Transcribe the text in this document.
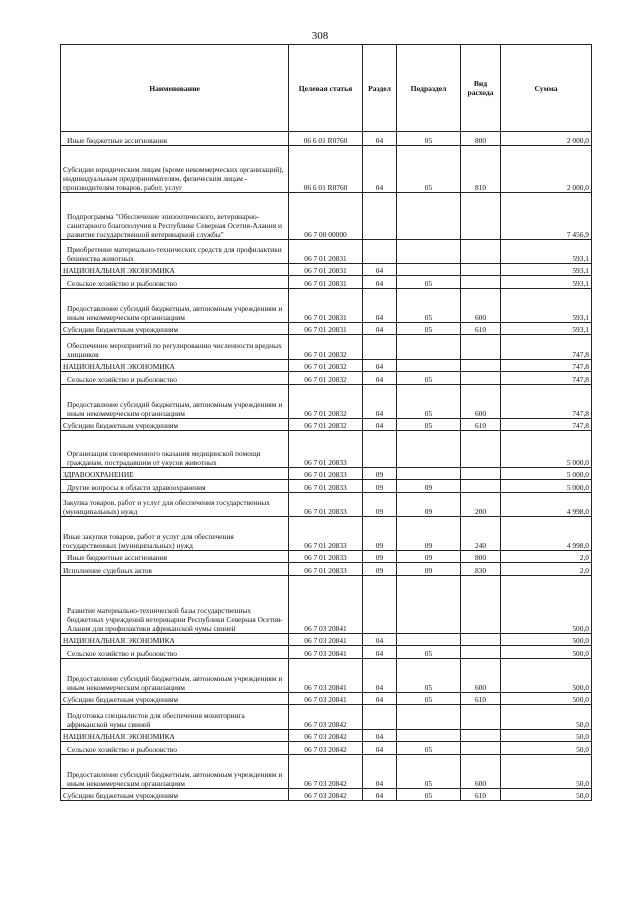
308
Наименование	Целевая статья	Раздел	Подраздел	Вид расхода	Сумма
Иные бюджетные ассигнования	06 6 01 R0760	04	05	800	2 000,0
Субсидии юридическим лицам (кроме некоммерческих организаций), индивидуальным предпринимателям, физическим лицам - производителям товаров, работ, услуг	06 6 01 R0760	04	05	810	2 000,0
Подпрограмма "Обеспечение эпизоотического, ветеринарно-санитарного благополучия в Республике Северная Осетия-Алания и развитие государственной ветеринарной службы"	06 7 00 00000				7 456,9
Приобретение материально-технических средств для профилактики бешенства животных	06 7 01 20831				593,1
НАЦИОНАЛЬНАЯ ЭКОНОМИКА	06 7 01 20831	04			593,1
Сельское хозяйство и рыболовство	06 7 01 20831	04	05		593,1
Предоставление субсидий бюджетным, автономным учреждениям и иным некоммерческим организациям	06 7 01 20831	04	05	600	593,1
Субсидии бюджетным учреждениям	06 7 01 20831	04	05	610	593,1
Обеспечение мероприятий по регулированию численности вредных хищников	06 7 01 20832				747,8
НАЦИОНАЛЬНАЯ ЭКОНОМИКА	06 7 01 20832	04			747,8
Сельское хозяйство и рыболовство	06 7 01 20832	04	05		747,8
Предоставление субсидий бюджетным, автономным учреждениям и иным некоммерческим организациям	06 7 01 20832	04	05	600	747,8
Субсидии бюджетным учреждениям	06 7 01 20832	04	05	610	747,8
Организация своевременного оказания медицинской помощи гражданам, пострадавшим от укусов животных	06 7 01 20833				5 000,0
ЗДРАВООХРАНЕНИЕ	06 7 01 20833	09			5 000,0
Другие вопросы в области здравоохранения	06 7 01 20833	09	09		5 000,0
Закупка товаров, работ и услуг для обеспечения государственных (муниципальных) нужд	06 7 01 20833	09	09	200	4 998,0
Иные закупки товаров, работ и услуг для обеспечения государственных (муниципальных) нужд	06 7 01 20833	09	09	240	4 998,0
Иные бюджетные ассигнования	06 7 01 20833	09	09	800	2,0
Исполнение судебных актов	06 7 01 20833	09	09	830	2,0
Развитие материально-технической базы государственных бюджетных учреждений ветеринарии Республики Северная Осетия-Алания для профилактики африканской чумы свиней	06 7 03 20841				500,0
НАЦИОНАЛЬНАЯ ЭКОНОМИКА	06 7 03 20841	04			500,0
Сельское хозяйство и рыболовство	06 7 03 20841	04	05		500,0
Предоставление субсидий бюджетным, автономным учреждениям и иным некоммерческим организациям	06 7 03 20841	04	05	600	500,0
Субсидии бюджетным учреждениям	06 7 03 20841	04	05	610	500,0
Подготовка специалистов для обеспечения мониторинга африканской чумы свиней	06 7 03 20842				50,0
НАЦИОНАЛЬНАЯ ЭКОНОМИКА	06 7 03 20842	04			50,0
Сельское хозяйство и рыболовство	06 7 03 20842	04	05		50,0
Предоставление субсидий бюджетным, автономным учреждениям и иным некоммерческим организациям	06 7 03 20842	04	05	600	50,0
Субсидии бюджетным учреждениям	06 7 03 20842	04	05	610	50,0
